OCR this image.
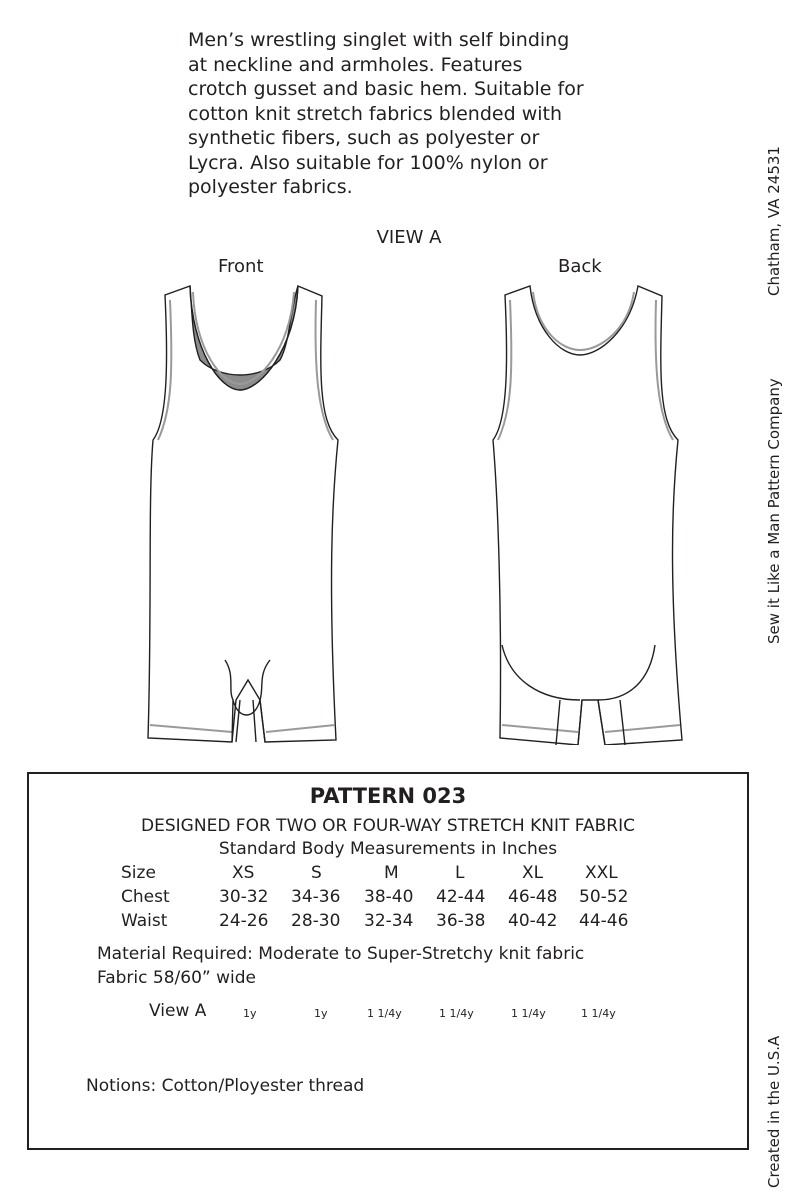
Men’s wrestling singlet with self binding
at neckline and armholes. Features
crotch gusset and basic hem. Suitable for
cotton knit stretch fabrics blended with
synthetic fibers, such as polyester or
Lycra. Also suitable for 100% nylon or
polyester fabrics.
VIEW A
Front	Back	Chatham, VA 24531
Sew it Like a Man Pattern Company
Created in the U.S.A
PATTERN 023
DESIGNED FOR TWO OR FOUR-WAY STRETCH KNIT FABRIC
Standard Body Measurements in Inches
Size	XS	S	M	L	XL XXL
Chest	30-32 34-36 38-40 42-44 46-48 50-52
Waist	24-26 28-30 32-34 36-38 40-42 44-46
Material Required: Moderate to Super-Stretchy knit fabric
Fabric 58/60” wide
View A	1y	1y	1 1/4y	1 1/4y	1 1/4y	1 1/4y
Notions: Cotton/Ployester thread
